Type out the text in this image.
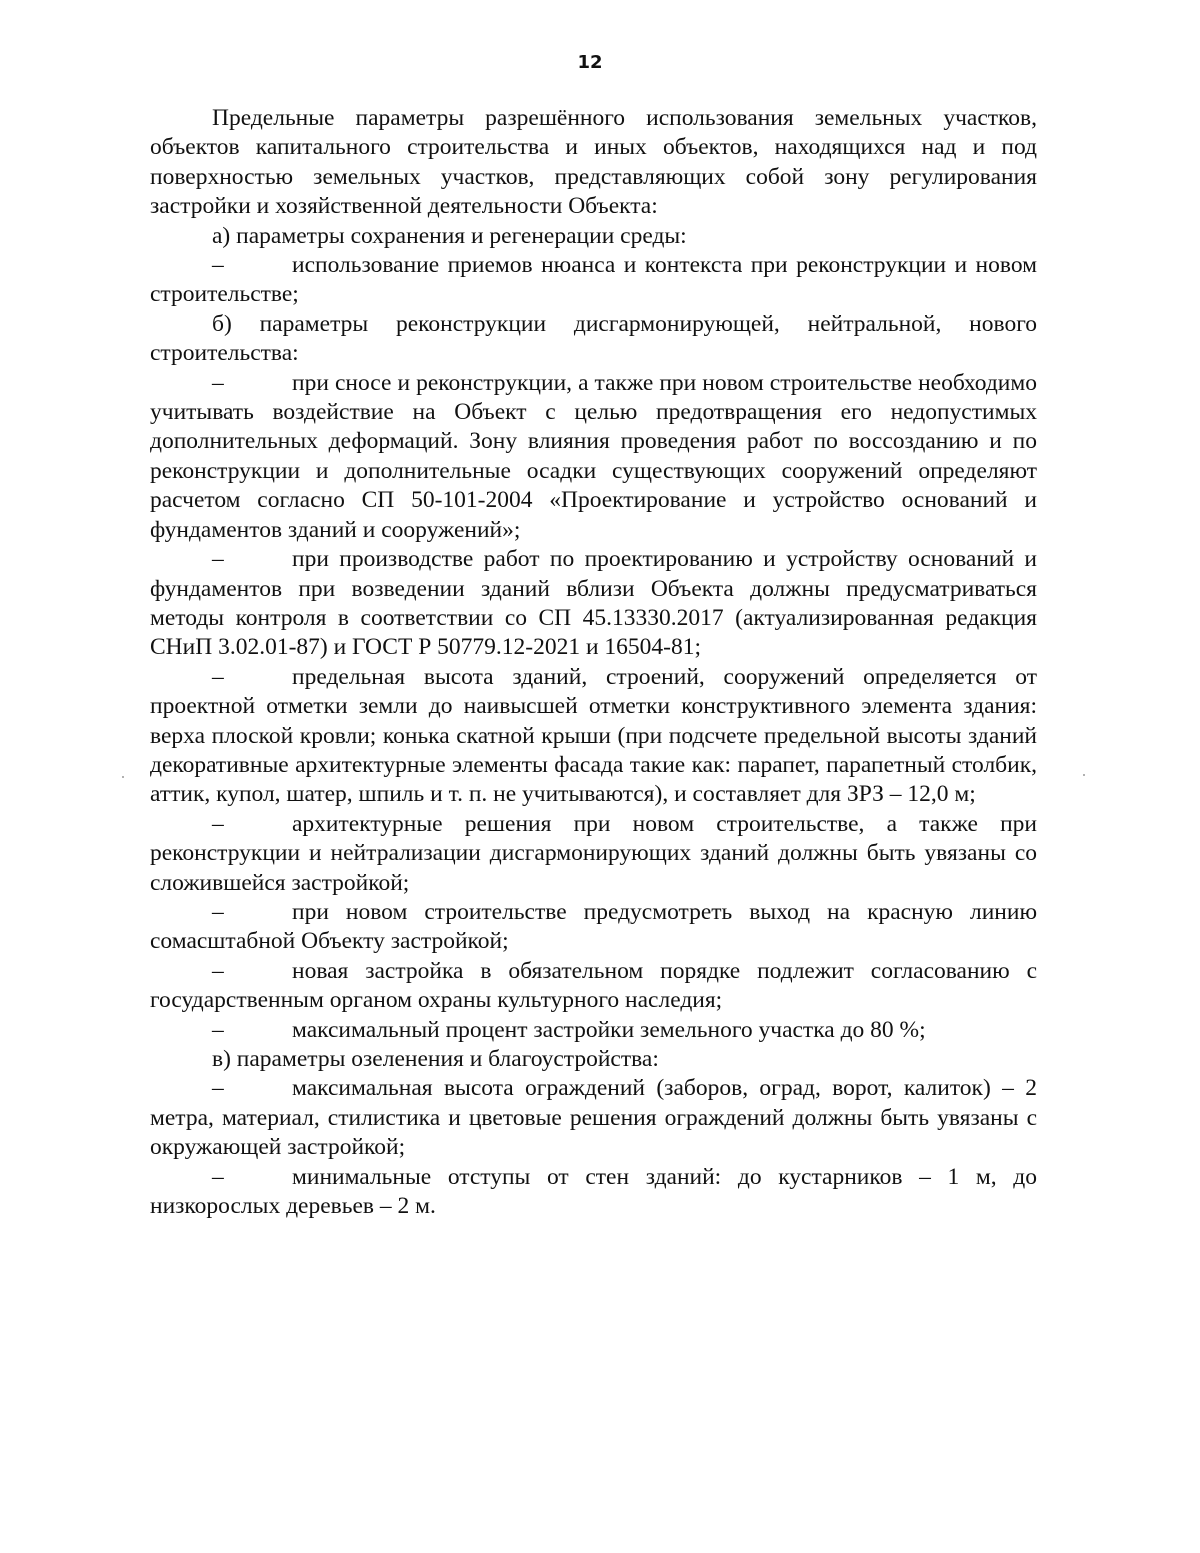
12

Предельные параметры разрешённого использования земельных участков, объектов капитального строительства и иных объектов, находящихся над и под поверхностью земельных участков, представляющих собой зону регулирования застройки и хозяйственной деятельности Объекта:

а) параметры сохранения и регенерации среды:

–	использование приемов нюанса и контекста при реконструкции и новом строительстве;

б) параметры реконструкции дисгармонирующей, нейтральной, нового строительства:

–	при сносе и реконструкции, а также при новом строительстве необходимо учитывать воздействие на Объект с целью предотвращения его недопустимых дополнительных деформаций. Зону влияния проведения работ по воссозданию и по реконструкции и дополнительные осадки существующих сооружений определяют расчетом согласно СП 50-101-2004 «Проектирование и устройство оснований и фундаментов зданий и сооружений»;

–	при производстве работ по проектированию и устройству оснований и фундаментов при возведении зданий вблизи Объекта должны предусматриваться методы контроля в соответствии со СП 45.13330.2017 (актуализированная редакция СНиП 3.02.01-87) и ГОСТ Р 50779.12-2021 и 16504-81;

–	предельная высота зданий, строений, сооружений определяется от проектной отметки земли до наивысшей отметки конструктивного элемента здания: верха плоской кровли; конька скатной крыши (при подсчете предельной высоты зданий декоративные архитектурные элементы фасада такие как: парапет, парапетный столбик, аттик, купол, шатер, шпиль и т. п. не учитываются), и составляет для ЗРЗ – 12,0 м;

–	архитектурные решения при новом строительстве, а также при реконструкции и нейтрализации дисгармонирующих зданий должны быть увязаны со сложившейся застройкой;

–	при новом строительстве предусмотреть выход на красную линию сомасштабной Объекту застройкой;

–	новая застройка в обязательном порядке подлежит согласованию с государственным органом охраны культурного наследия;

–	максимальный процент застройки земельного участка до 80 %;

в) параметры озеленения и благоустройства:

–	максимальная высота ограждений (заборов, оград, ворот, калиток) – 2 метра, материал, стилистика и цветовые решения ограждений должны быть увязаны с окружающей застройкой;

–	минимальные отступы от стен зданий: до кустарников – 1 м, до низкорослых деревьев – 2 м.
